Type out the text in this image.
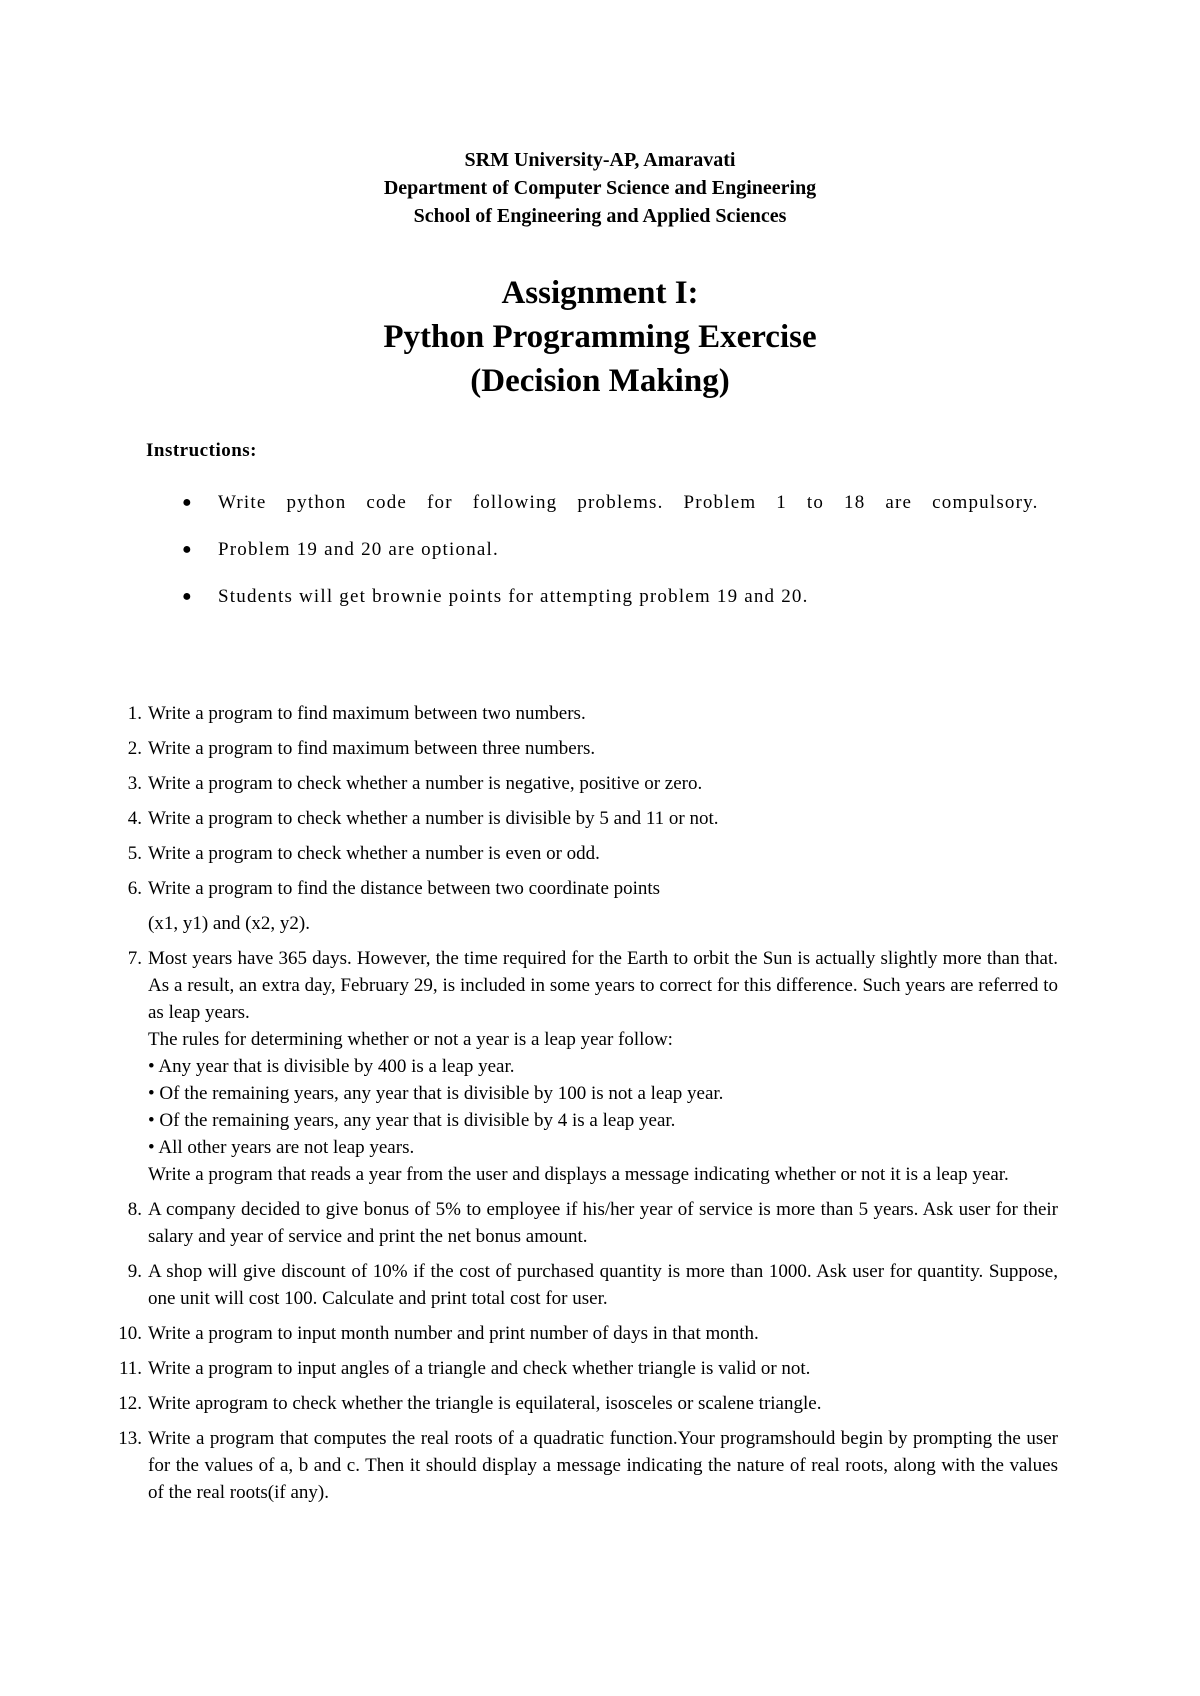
SRM University-AP, Amaravati
Department of Computer Science and Engineering
School of Engineering and Applied Sciences
Assignment I:
Python Programming Exercise
(Decision Making)
Instructions:
● Write python code for following problems. Problem 1 to 18 are compulsory.
● Problem 19 and 20 are optional.
● Students will get brownie points for attempting problem 19 and 20.
1. Write a program to find maximum between two numbers.
2. Write a program to find maximum between three numbers.
3. Write a program to check whether a number is negative, positive or zero.
4. Write a program to check whether a number is divisible by 5 and 11 or not.
5. Write a program to check whether a number is even or odd.
6. Write a program to find the distance between two coordinate points
(x1, y1) and (x2, y2).
7. Most years have 365 days. However, the time required for the Earth to orbit the Sun is actually slightly more than that. As a result, an extra day, February 29, is included in some years to correct for this difference. Such years are referred to as leap years.
The rules for determining whether or not a year is a leap year follow:
• Any year that is divisible by 400 is a leap year.
• Of the remaining years, any year that is divisible by 100 is not a leap year.
• Of the remaining years, any year that is divisible by 4 is a leap year.
• All other years are not leap years.
Write a program that reads a year from the user and displays a message indicating whether or not it is a leap year.
8. A company decided to give bonus of 5% to employee if his/her year of service is more than 5 years. Ask user for their salary and year of service and print the net bonus amount.
9. A shop will give discount of 10% if the cost of purchased quantity is more than 1000. Ask user for quantity. Suppose, one unit will cost 100. Calculate and print total cost for user.
10. Write a program to input month number and print number of days in that month.
11. Write a program to input angles of a triangle and check whether triangle is valid or not.
12. Write aprogram to check whether the triangle is equilateral, isosceles or scalene triangle.
13. Write a program that computes the real roots of a quadratic function.Your programshould begin by prompting the user for the values of a, b and c. Then it should display a message indicating the nature of real roots, along with the values of the real roots(if any).
